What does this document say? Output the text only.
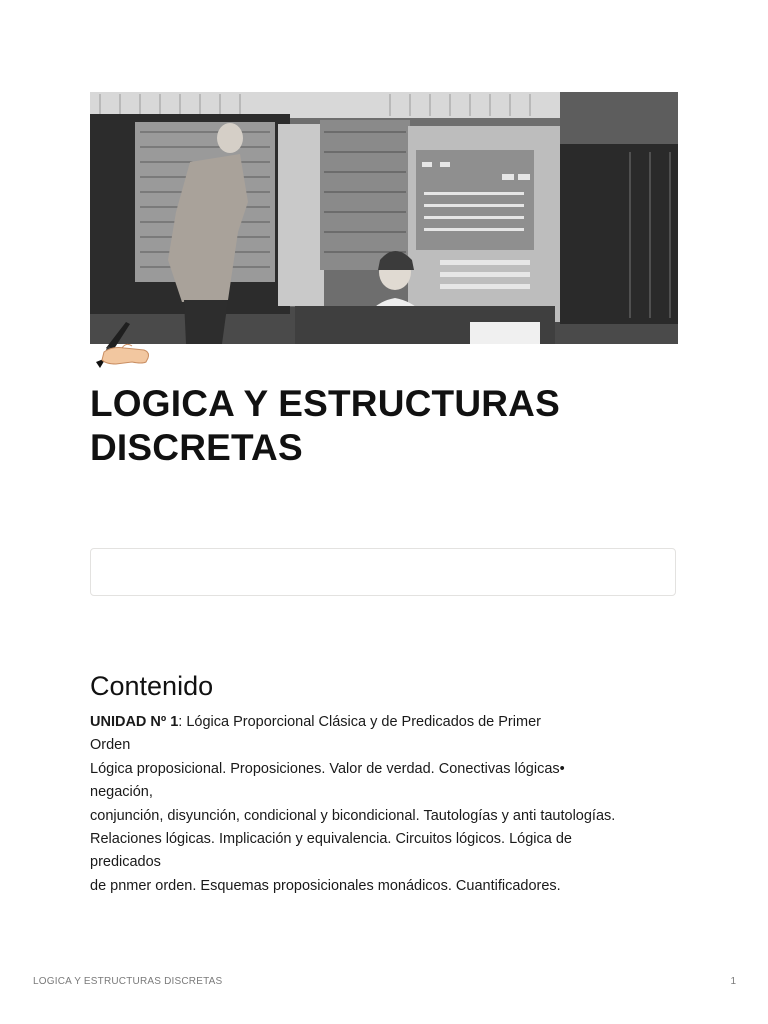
LOGICA Y ESTRUCTURAS DISCRETAS
Contenido

UNIDAD Nº 1: Lógica Proporcional Clásica y de Predicados de Primer

Orden

Lógica proposicional. Proposiciones. Valor de verdad. Conectivas lógicas•

negación,

conjunción, disyunción, condicional y bicondicional. Tautologías y anti tautologías.

Relaciones lógicas. Implicación y equivalencia. Circuitos lógicos. Lógica de

predicados

de pnmer orden. Esquemas proposicionales monádicos. Cuantificadores.

LOGICA Y ESTRUCTURAS DISCRETAS	1
